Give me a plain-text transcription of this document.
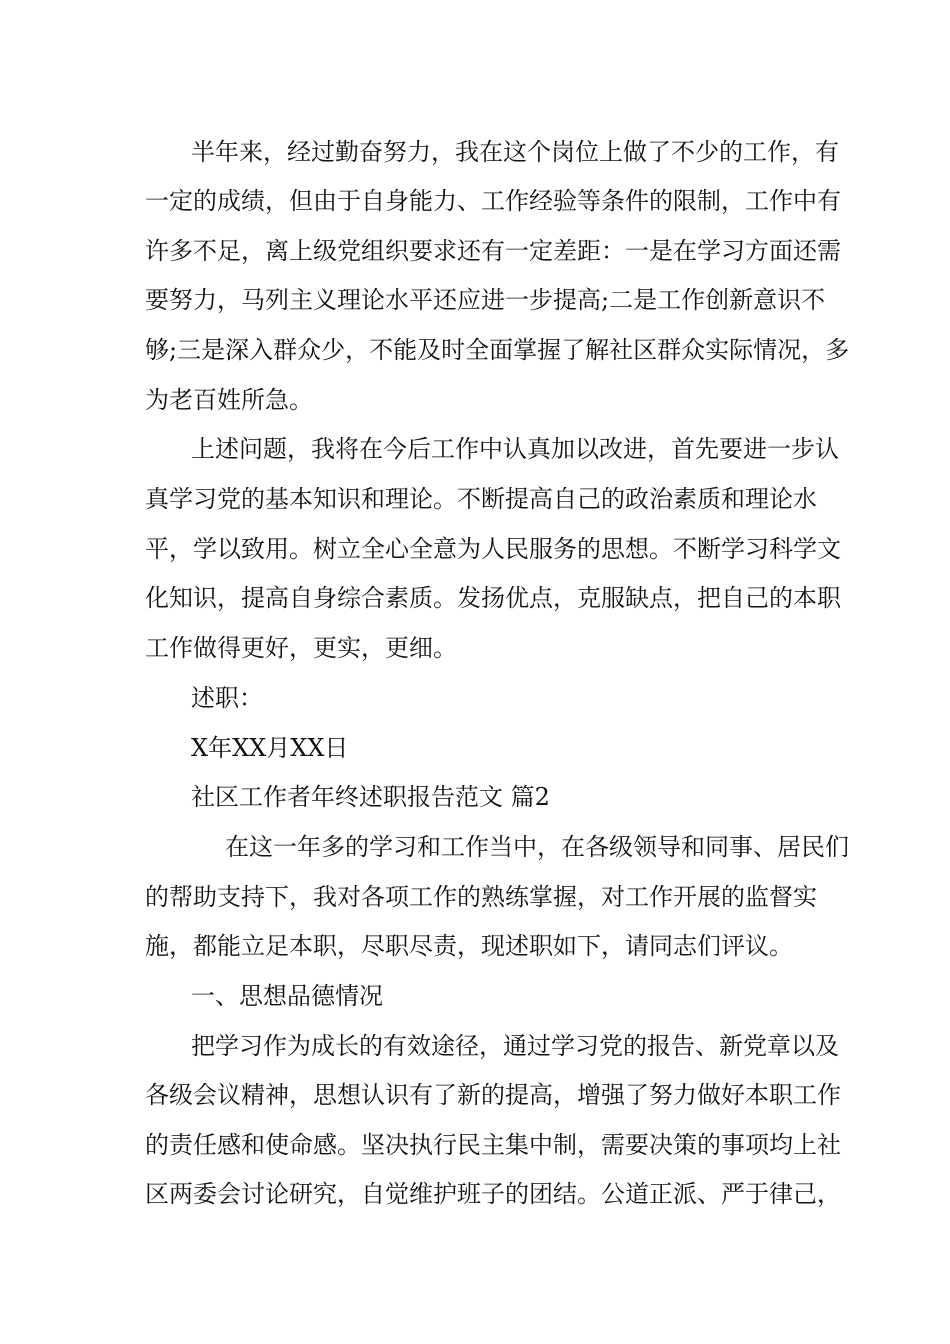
半年来，经过勤奋努力，我在这个岗位上做了不少的工作，有
一定的成绩，但由于自身能力、工作经验等条件的限制，工作中有
许多不足，离上级党组织要求还有一定差距：一是在学习方面还需
要努力，马列主义理论水平还应进一步提高;二是工作创新意识不
够;三是深入群众少，不能及时全面掌握了解社区群众实际情况，多
为老百姓所急。
上述问题，我将在今后工作中认真加以改进，首先要进一步认
真学习党的基本知识和理论。不断提高自己的政治素质和理论水
平，学以致用。树立全心全意为人民服务的思想。不断学习科学文
化知识，提高自身综合素质。发扬优点，克服缺点，把自己的本职
工作做得更好，更实，更细。
述职：
X年XX月XX日
社区工作者年终述职报告范文 篇2
在这一年多的学习和工作当中，在各级领导和同事、居民们
的帮助支持下，我对各项工作的熟练掌握，对工作开展的监督实
施，都能立足本职，尽职尽责，现述职如下，请同志们评议。
一、思想品德情况
把学习作为成长的有效途径，通过学习党的报告、新党章以及
各级会议精神，思想认识有了新的提高，增强了努力做好本职工作
的责任感和使命感。坚决执行民主集中制，需要决策的事项均上社
区两委会讨论研究，自觉维护班子的团结。公道正派、严于律己，
